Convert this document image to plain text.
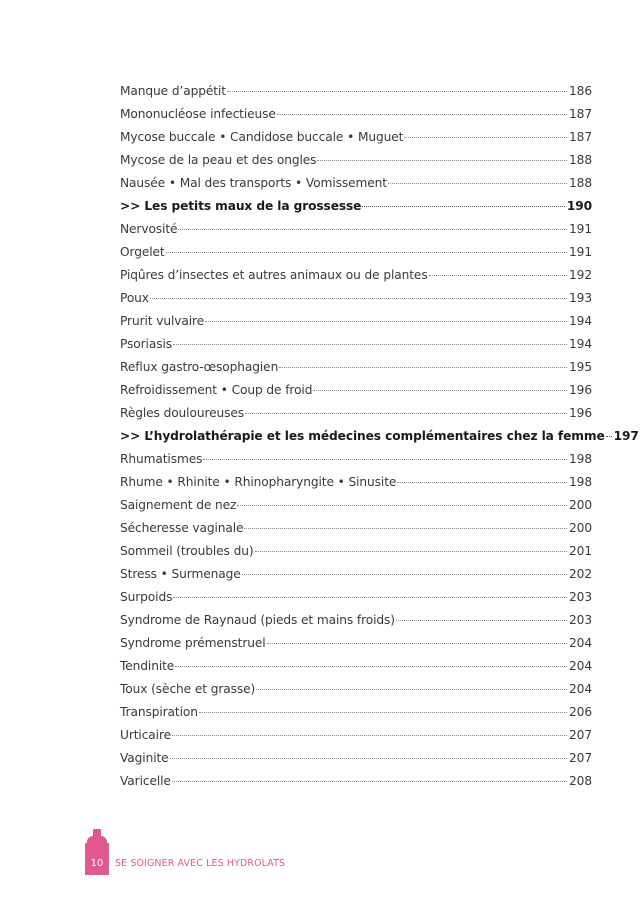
Manque d’appétit	186
Mononucléose infectieuse	187
Mycose buccale • Candidose buccale • Muguet	187
Mycose de la peau et des ongles	188
Nausée • Mal des transports • Vomissement	188
>> Les petits maux de la grossesse	190
Nervosité	191
Orgelet	191
Piqûres d’insectes et autres animaux ou de plantes	192
Poux	193
Prurit vulvaire	194
Psoriasis	194
Reflux gastro-œsophagien	195
Refroidissement • Coup de froid	196
Règles douloureuses	196
>> L’hydrolathérapie et les médecines complémentaires chez la femme 197
Rhumatismes	198
Rhume • Rhinite • Rhinopharyngite • Sinusite	198
Saignement de nez	200
Sécheresse vaginale	200
Sommeil (troubles du)	201
Stress • Surmenage	202
Surpoids	203
Syndrome de Raynaud (pieds et mains froids)	203
Syndrome prémenstruel	204
Tendinite	204
Toux (sèche et grasse)	204
Transpiration	206
Urticaire	207
Vaginite	207
Varicelle	208
10	SE SOIGNER AVEC LES HYDROLATS
